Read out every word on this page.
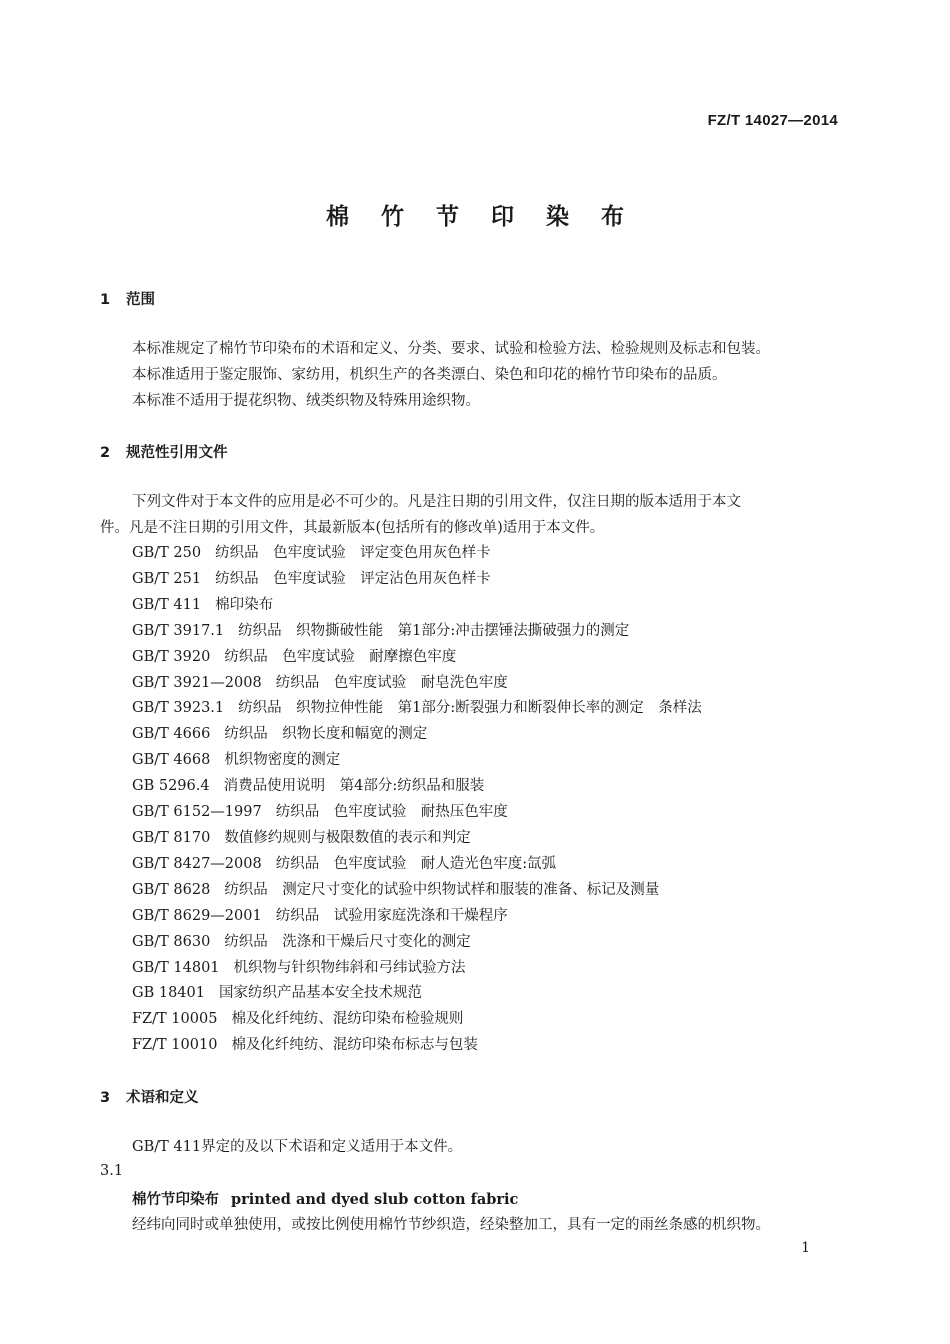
FZ/T 14027—2014
棉 竹 节 印 染 布
1 范围
本标准规定了棉竹节印染布的术语和定义、分类、要求、试验和检验方法、检验规则及标志和包装。
本标准适用于鉴定服饰、家纺用，机织生产的各类漂白、染色和印花的棉竹节印染布的品质。
本标准不适用于提花织物、绒类织物及特殊用途织物。
2 规范性引用文件
下列文件对于本文件的应用是必不可少的。凡是注日期的引用文件，仅注日期的版本适用于本文
件。凡是不注日期的引用文件，其最新版本(包括所有的修改单)适用于本文件。
GB/T 250 纺织品　色牢度试验　评定变色用灰色样卡
GB/T 251 纺织品　色牢度试验　评定沾色用灰色样卡
GB/T 411 棉印染布
GB/T 3917.1 纺织品　织物撕破性能　第1部分:冲击摆锤法撕破强力的测定
GB/T 3920 纺织品　色牢度试验　耐摩擦色牢度
GB/T 3921—2008 纺织品　色牢度试验　耐皂洗色牢度
GB/T 3923.1 纺织品　织物拉伸性能　第1部分:断裂强力和断裂伸长率的测定　条样法
GB/T 4666 纺织品　织物长度和幅宽的测定
GB/T 4668 机织物密度的测定
GB 5296.4 消费品使用说明　第4部分:纺织品和服装
GB/T 6152—1997 纺织品　色牢度试验　耐热压色牢度
GB/T 8170 数值修约规则与极限数值的表示和判定
GB/T 8427—2008 纺织品　色牢度试验　耐人造光色牢度:氙弧
GB/T 8628 纺织品　测定尺寸变化的试验中织物试样和服装的准备、标记及测量
GB/T 8629—2001 纺织品　试验用家庭洗涤和干燥程序
GB/T 8630 纺织品　洗涤和干燥后尺寸变化的测定
GB/T 14801 机织物与针织物纬斜和弓纬试验方法
GB 18401 国家纺织产品基本安全技术规范
FZ/T 10005 棉及化纤纯纺、混纺印染布检验规则
FZ/T 10010 棉及化纤纯纺、混纺印染布标志与包装
3 术语和定义
GB/T 411界定的及以下术语和定义适用于本文件。
3.1
棉竹节印染布 printed and dyed slub cotton fabric
经纬向同时或单独使用，或按比例使用棉竹节纱织造，经染整加工，具有一定的雨丝条感的机织物。
1
